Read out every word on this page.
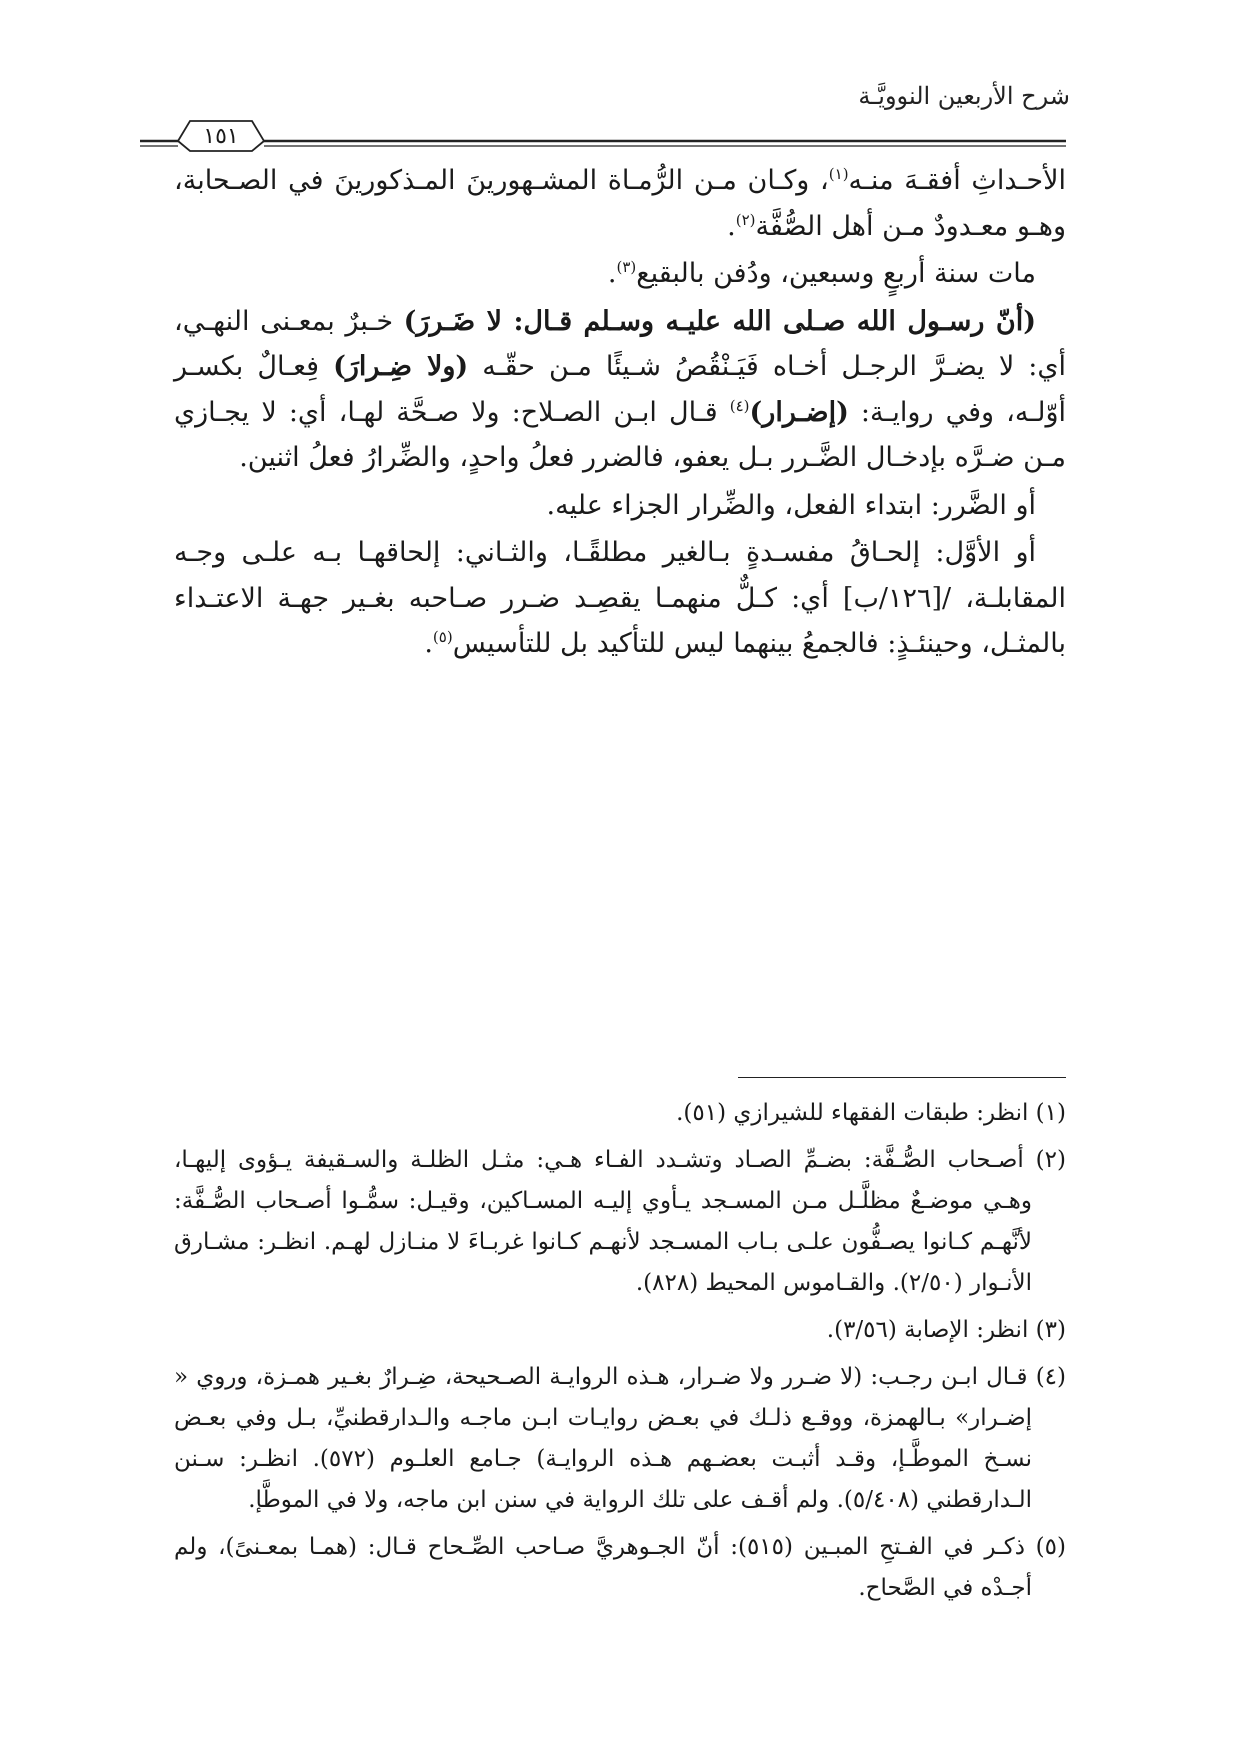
شرح الأربعين النوويَّـة
١٥١

الأحـداثِ أفقـهَ منـه$^{(١)}$، وكـان مـن الرُّمـاة المشـهورينَ المـذكورينَ في الصـحابة، وهـو معـدودٌ مـن أهل الصُّفَّة$^{(٢)}$.

مات سنة أربعٍ وسبعين، ودُفن بالبقيع$^{(٣)}$.

(أنّ رسـول الله صـلى الله عليـه وسـلم قـال: لا ضَـررَ) خـبرٌ بمعـنى النهـي، أي: لا يضـرَّ الرجـل أخـاه فَيَـنْقُصُ شـيئًا مـن حقّـه (ولا ضِـرارَ) فِعـالٌ بكسـر أوّلـه، وفي روايـة: (إضـرار)$^{(٤)}$ قـال ابـن الصـلاح: ولا صـحَّة لهـا، أي: لا يجـازي مـن ضـرَّه بإدخـال الضَّـرر بـل يعفو، فالضرر فعلُ واحدٍ، والضِّرارُ فعلُ اثنين.

أو الضَّرر: ابتداء الفعل، والضِّرار الجزاء عليه.

أو الأوَّل: إلحـاقُ مفسـدةٍ بـالغير مطلقًـا، والثـاني: إلحاقهـا بـه علـى وجـه المقابلـة، /[١٢٦/ب] أي: كـلٌّ منهمـا يقصِـد ضـرر صـاحبه بغـير جهـة الاعتـداء بالمثـل، وحينئـذٍ: فالجمعُ بينهما ليس للتأكيد بل للتأسيس$^{(٥)}$.

(١) انظر: طبقات الفقهاء للشيرازي (٥١).
(٢) أصـحاب الصُّـفَّة: بضـمِّ الصـاد وتشـدد الفـاء هـي: مثـل الظلـة والسـقيفة يـؤوى إليهـا، وهـي موضـعٌ مظلَّـل مـن المسـجد يـأوي إليـه المسـاكين، وقيـل: سمُّـوا أصـحاب الصُّـفَّة: لأنَّهـم كـانوا يصـفُّون علـى بـاب المسـجد لأنهـم كـانوا غربـاءَ لا منـازل لهـم. انظـر: مشـارق الأنـوار (٢/٥٠). والقـاموس المحيط (٨٢٨).
(٣) انظر: الإصابة (٣/٥٦).
(٤) قـال ابـن رجـب: (لا ضـرر ولا ضـرار، هـذه الروايـة الصـحيحة، ضِـرارٌ بغـير همـزة، وروي « إضـرار» بـالهمزة، ووقـع ذلـك في بعـض روايـات ابـن ماجـه والـدارقطنيِّ، بـل وفي بعـض نسـخ الموطَّـإ، وقـد أثبـت بعضـهم هـذه الروايـة) جـامع العلـوم (٥٧٢). انظـر: سـنن الـدارقطني (٥/٤٠٨). ولم أقـف على تلك الرواية في سنن ابن ماجه، ولا في الموطَّإ.
(٥) ذكـر في الفـتحِ المبـين (٥١٥): أنّ الجـوهريَّ صـاحب الصِّـحاح قـال: (همـا بمعـنىً)، ولم أجـدْه في الصَّحاح.
